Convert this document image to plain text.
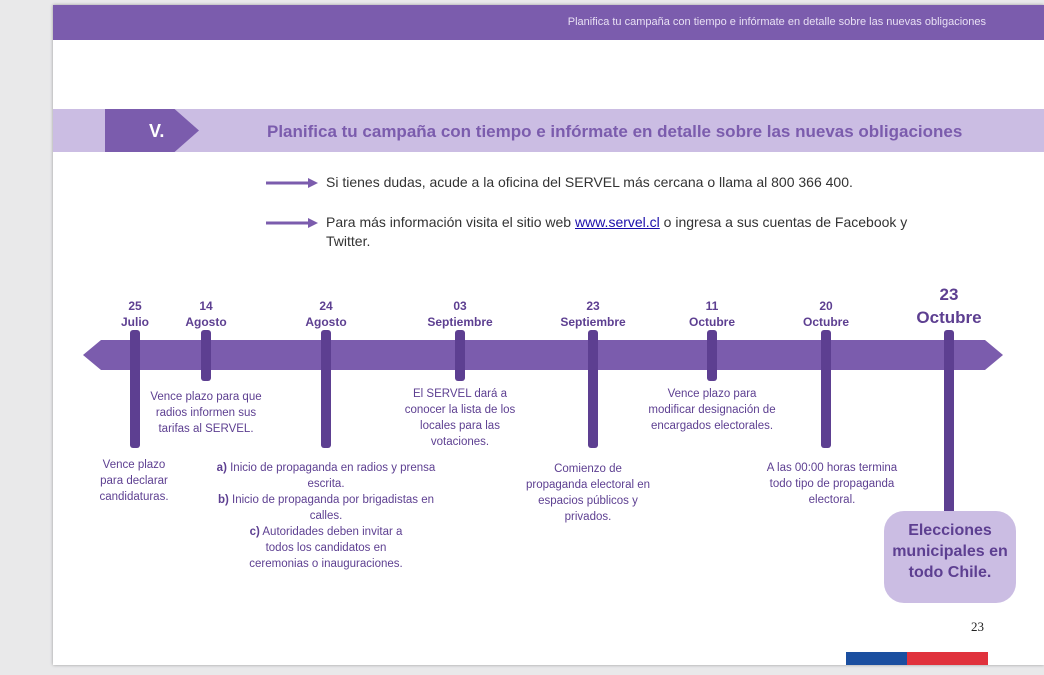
Planifica tu campaña con tiempo e infórmate en detalle sobre las nuevas obligaciones
V.	Planifica tu campaña con tiempo e infórmate en detalle sobre las nuevas obligaciones
Si tienes dudas, acude a la oficina del SERVEL más cercana o llama al 800 366 400.
Para más información visita el sitio web www.servel.cl o ingresa a sus cuentas de Facebook y Twitter.
25
Julio
14
Agosto
24
Agosto
03
Septiembre
23
Septiembre
11
Octubre
20
Octubre
23
Octubre
Vence plazo para declarar candidaturas.
Vence plazo para que radios informen sus tarifas al SERVEL.
a) Inicio de propaganda en radios y prensa escrita.
b) Inicio de propaganda por brigadistas en calles.
c) Autoridades deben invitar a todos los candidatos en ceremonias o inauguraciones.
El SERVEL dará a conocer la lista de los locales para las votaciones.
Comienzo de propaganda electoral en espacios públicos y privados.
Vence plazo para modificar designación de encargados electorales.
A las 00:00 horas termina todo tipo de propaganda electoral.
Elecciones municipales en todo Chile.
23
